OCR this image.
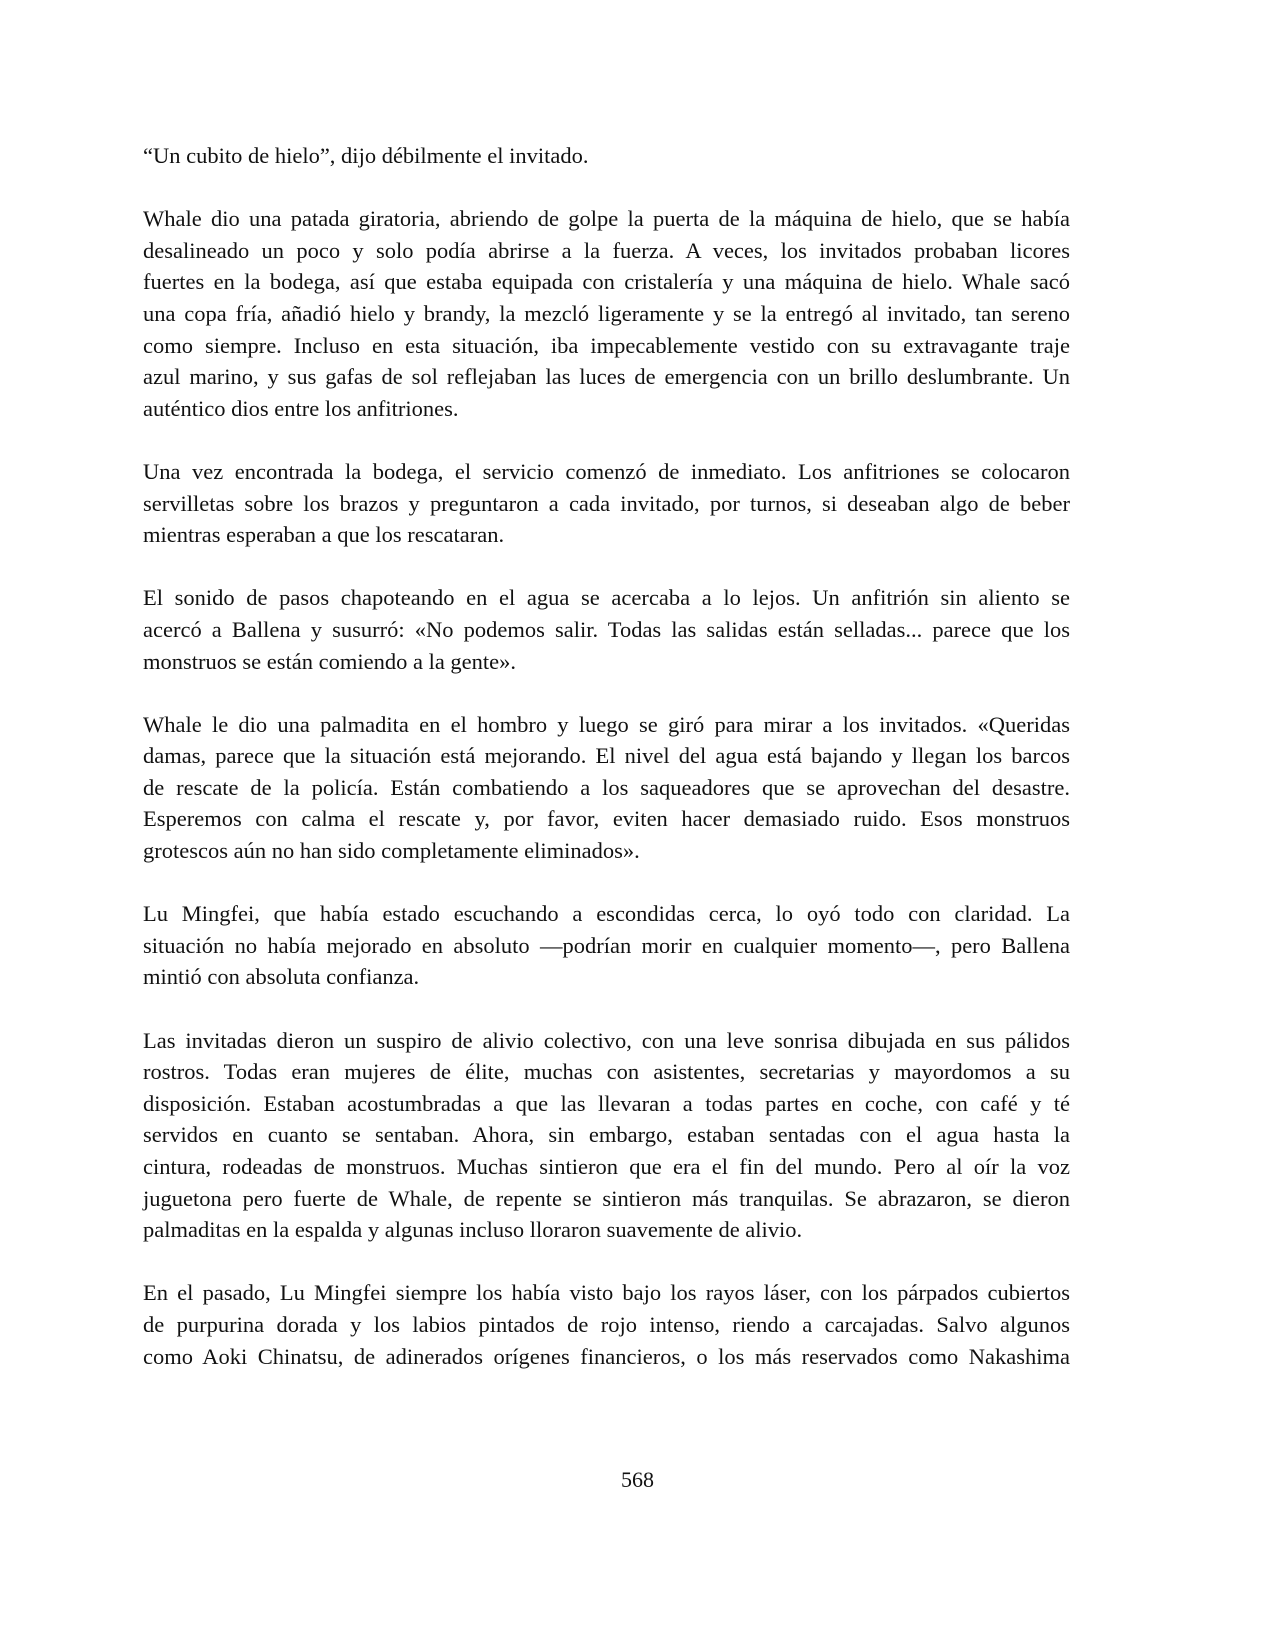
“Un cubito de hielo”, dijo débilmente el invitado.

Whale dio una patada giratoria, abriendo de golpe la puerta de la máquina de hielo, que se había
desalineado un poco y solo podía abrirse a la fuerza. A veces, los invitados probaban licores
fuertes en la bodega, así que estaba equipada con cristalería y una máquina de hielo. Whale sacó
una copa fría, añadió hielo y brandy, la mezcló ligeramente y se la entregó al invitado, tan sereno
como siempre. Incluso en esta situación, iba impecablemente vestido con su extravagante traje
azul marino, y sus gafas de sol reflejaban las luces de emergencia con un brillo deslumbrante. Un
auténtico dios entre los anfitriones.

Una vez encontrada la bodega, el servicio comenzó de inmediato. Los anfitriones se colocaron
servilletas sobre los brazos y preguntaron a cada invitado, por turnos, si deseaban algo de beber
mientras esperaban a que los rescataran.

El sonido de pasos chapoteando en el agua se acercaba a lo lejos. Un anfitrión sin aliento se
acercó a Ballena y susurró: «No podemos salir. Todas las salidas están selladas... parece que los
monstruos se están comiendo a la gente».

Whale le dio una palmadita en el hombro y luego se giró para mirar a los invitados. «Queridas
damas, parece que la situación está mejorando. El nivel del agua está bajando y llegan los barcos
de rescate de la policía. Están combatiendo a los saqueadores que se aprovechan del desastre.
Esperemos con calma el rescate y, por favor, eviten hacer demasiado ruido. Esos monstruos
grotescos aún no han sido completamente eliminados».

Lu Mingfei, que había estado escuchando a escondidas cerca, lo oyó todo con claridad. La
situación no había mejorado en absoluto —podrían morir en cualquier momento—, pero Ballena
mintió con absoluta confianza.

Las invitadas dieron un suspiro de alivio colectivo, con una leve sonrisa dibujada en sus pálidos
rostros. Todas eran mujeres de élite, muchas con asistentes, secretarias y mayordomos a su
disposición. Estaban acostumbradas a que las llevaran a todas partes en coche, con café y té
servidos en cuanto se sentaban. Ahora, sin embargo, estaban sentadas con el agua hasta la
cintura, rodeadas de monstruos. Muchas sintieron que era el fin del mundo. Pero al oír la voz
juguetona pero fuerte de Whale, de repente se sintieron más tranquilas. Se abrazaron, se dieron
palmaditas en la espalda y algunas incluso lloraron suavemente de alivio.

En el pasado, Lu Mingfei siempre los había visto bajo los rayos láser, con los párpados cubiertos
de purpurina dorada y los labios pintados de rojo intenso, riendo a carcajadas. Salvo algunos
como Aoki Chinatsu, de adinerados orígenes financieros, o los más reservados como Nakashima

568
